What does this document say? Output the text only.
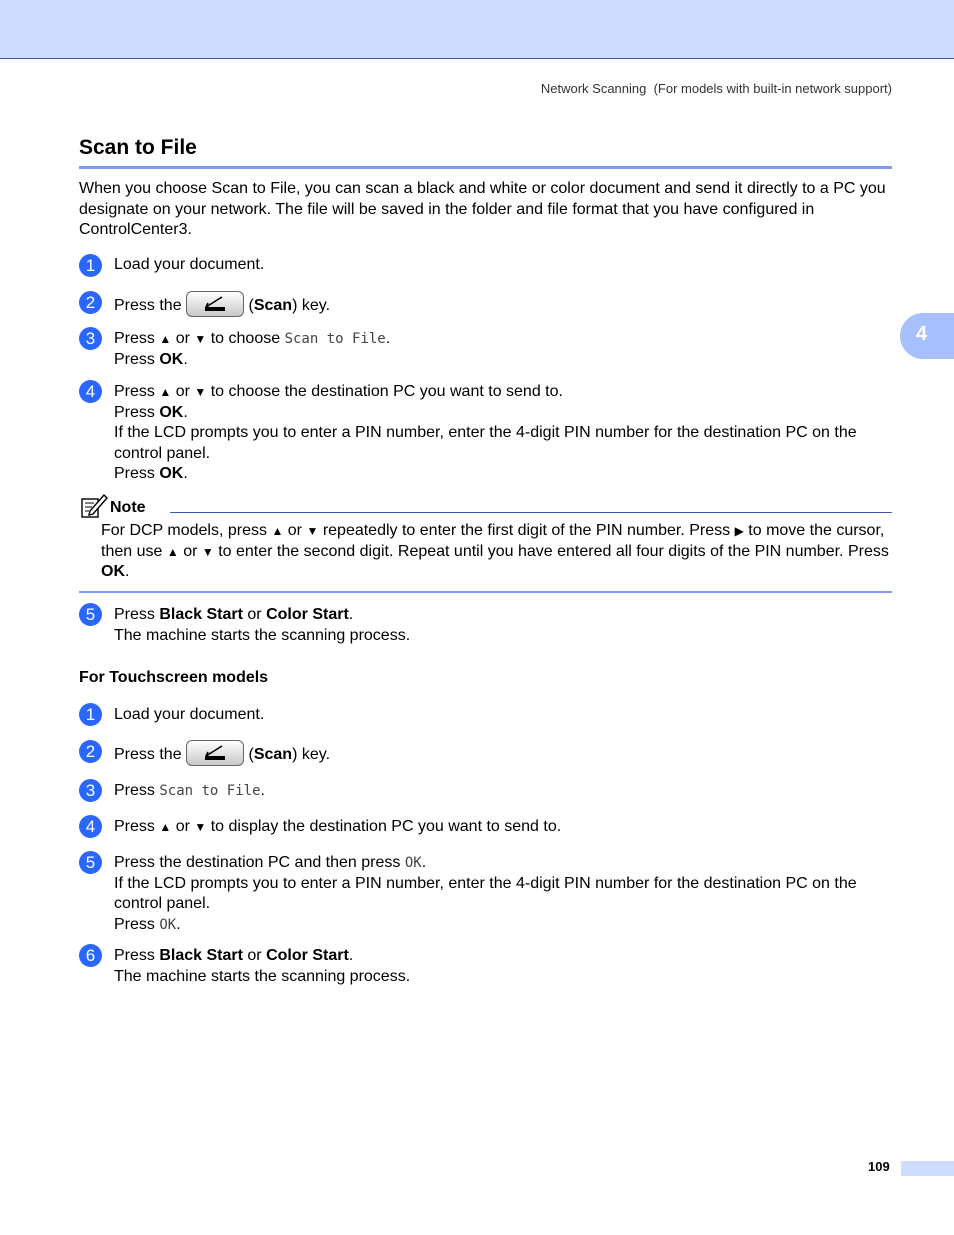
Network Scanning  (For models with built-in network support)
4
Scan to File

When you choose Scan to File, you can scan a black and white or color document and send it directly to a PC you designate on your network. The file will be saved in the folder and file format that you have configured in ControlCenter3.

1	Load your document.

2	Press the	(Scan) key.

3	Press ▲ or ▼ to choose Scan to File.
Press OK.

4	Press ▲ or ▼ to choose the destination PC you want to send to.
Press OK.
If the LCD prompts you to enter a PIN number, enter the 4-digit PIN number for the destination PC on the control panel.
Press OK.

Note

For DCP models, press ▲ or ▼ repeatedly to enter the first digit of the PIN number. Press ▶ to move the cursor, then use ▲ or ▼ to enter the second digit. Repeat until you have entered all four digits of the PIN number. Press OK.

5	Press Black Start or Color Start.
The machine starts the scanning process.

For Touchscreen models
1	Load your document.

2	Press the	(Scan) key.

3	Press Scan to File.

4	Press ▲ or ▼ to display the destination PC you want to send to.

5	Press the destination PC and then press OK.
If the LCD prompts you to enter a PIN number, enter the 4-digit PIN number for the destination PC on the control panel.
Press OK.

6	Press Black Start or Color Start.
The machine starts the scanning process.

109
